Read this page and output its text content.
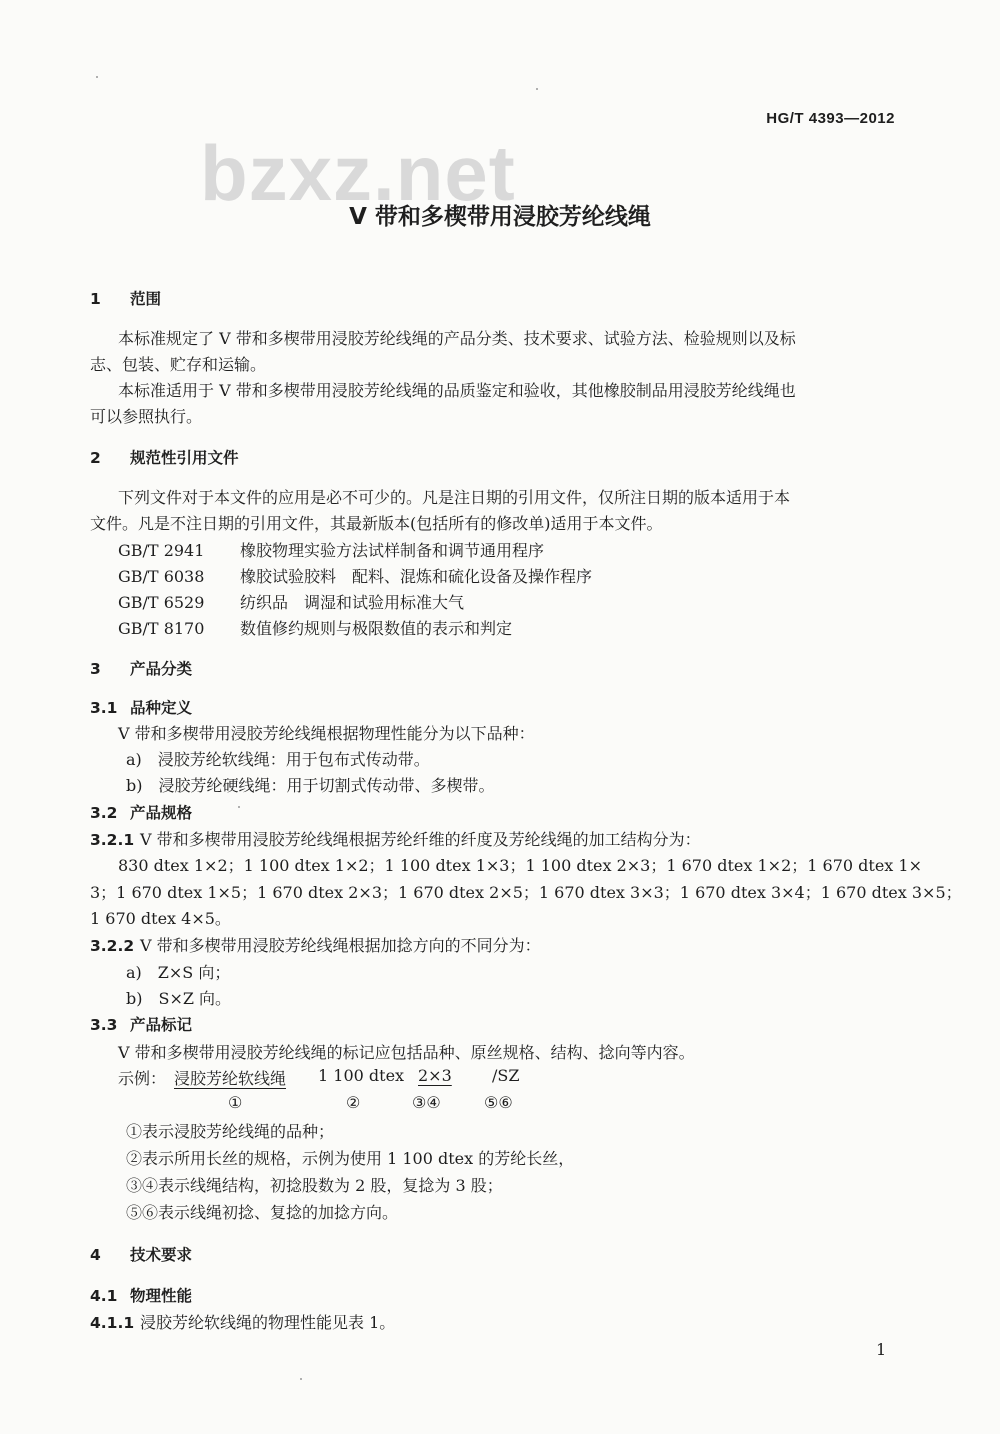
HG/T 4393—2012
bzxz.net
V 带和多楔带用浸胶芳纶线绳
1 范围
本标准规定了 V 带和多楔带用浸胶芳纶线绳的产品分类、技术要求、试验方法、检验规则以及标
志、包装、贮存和运输。
本标准适用于 V 带和多楔带用浸胶芳纶线绳的品质鉴定和验收，其他橡胶制品用浸胶芳纶线绳也
可以参照执行。
2 规范性引用文件
下列文件对于本文件的应用是必不可少的。凡是注日期的引用文件，仅所注日期的版本适用于本
文件。凡是不注日期的引用文件，其最新版本(包括所有的修改单)适用于本文件。
GB/T 2941 橡胶物理实验方法试样制备和调节通用程序
GB/T 6038 橡胶试验胶料　配料、混炼和硫化设备及操作程序
GB/T 6529 纺织品　调湿和试验用标准大气
GB/T 8170 数值修约规则与极限数值的表示和判定
3 产品分类
3.1 品种定义
V 带和多楔带用浸胶芳纶线绳根据物理性能分为以下品种：
a)　浸胶芳纶软线绳：用于包布式传动带。
b)　浸胶芳纶硬线绳：用于切割式传动带、多楔带。
3.2 产品规格
3.2.1 V 带和多楔带用浸胶芳纶线绳根据芳纶纤维的纤度及芳纶线绳的加工结构分为：
830 dtex 1×2；1 100 dtex 1×2；1 100 dtex 1×3；1 100 dtex 2×3；1 670 dtex 1×2；1 670 dtex 1×
3；1 670 dtex 1×5；1 670 dtex 2×3；1 670 dtex 2×5；1 670 dtex 3×3；1 670 dtex 3×4；1 670 dtex 3×5；
1 670 dtex 4×5。
3.2.2 V 带和多楔带用浸胶芳纶线绳根据加捻方向的不同分为：
a)　Z×S 向；
b)　S×Z 向。
3.3 产品标记
V 带和多楔带用浸胶芳纶线绳的标记应包括品种、原丝规格、结构、捻向等内容。
示例： 浸胶芳纶软线绳 1 100 dtex 2×3	/SZ
①	②	③④	⑤⑥
①表示浸胶芳纶线绳的品种；
②表示所用长丝的规格，示例为使用 1 100 dtex 的芳纶长丝，
③④表示线绳结构，初捻股数为 2 股，复捻为 3 股；
⑤⑥表示线绳初捻、复捻的加捻方向。
4 技术要求
4.1 物理性能
4.1.1 浸胶芳纶软线绳的物理性能见表 1。
1
